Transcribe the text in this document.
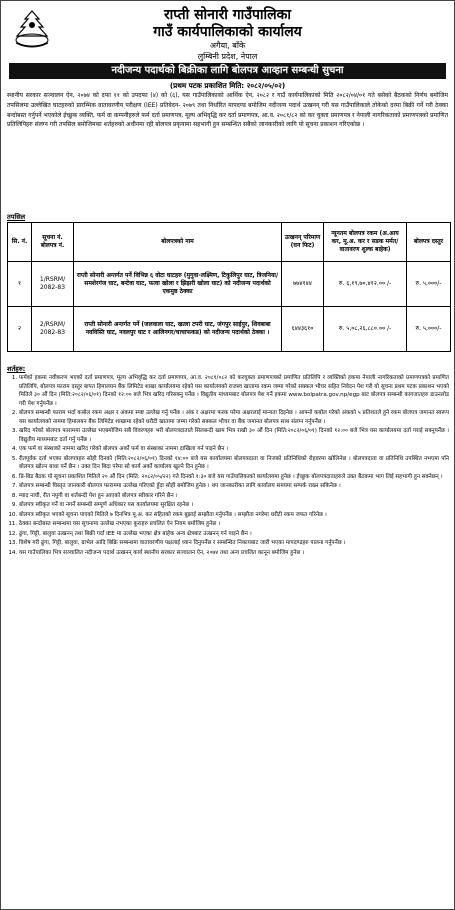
राप्ती सोनारी गाउँपालिका
गाउँ कार्यपालिकाको कार्यालय
अगैया, बाँके
लुम्बिनी प्रदेश, नेपाल
नदीजन्य पदार्थको बिक्रीका लागि बोलपत्र आव्हान सम्बन्धी सुचना
(प्रथम पटक प्रकाशित मिति: २०८२/०५/०२)

स्थानीय सरकार सञ्चालन ऐन, २०७४ को दफा ११ को उपदफा (४) को (६), यस गाउँपालिकाको आर्थिक ऐन, २०८२ र गाउँ कार्यपालिकाको मिति २०८२/०४/०१ गते बसेको बैठकको निर्णय बमोजिम तपसिलमा उल्लेखित घाटहरुको प्रारम्भिक वातावरणीय परीक्षण (IEE) प्रतिवेदन- २०७९ तथा निर्धारित मापदण्ड बमोजिम नदीजन्य पदार्थ उत्खनन् गरी यस गाउँपालिकाले तोकेको दरमा बिक्री गर्ने गरी ठेक्का बन्दोबस्त गर्नुपर्ने भएकोले ईच्छुक व्यक्ति, फर्म वा कम्पनीहरुले फर्म दर्ता प्रमाणपत्र, मूल्य अभिवृद्धि कर दर्ता प्रमाणपत्र, आ.व. २०८१/८२ को कर चुक्ता प्रमाणपत्र र नेपाली नागरिकताको प्रमाणपत्रको प्रमाणित प्रतिलिपिहरु संलग्न गरी तपसिल बमोजिमका शर्तहरुको अधीनमा रही बोलपत्र प्रकृयामा सहभागी हुन सम्बन्धित सबैको जानकारीको लागि यो सूचना प्रकाशन गरिएकोछ ।

तपसिल
सि. नं.	सूचना नं. बोलपत्र नं.	बोलपत्रको नाम	उत्खनन् परिमाण (घन फिट)	न्यूनतम बोलपत्र रकम (अ.आय कर, मू.अ. कर र सडक मर्मत/वातावरण शुल्क बाहेक)	बोलपत्र दस्तुर
१	1/RSRM/ 2082-83	राप्ती सोनारी अन्तर्गत पर्ने विभिन्न ६ वोटा घाटहरु (मुगुवा-लक्ष्मिण, टिकुलिपुर घाट, त्रिजनिया/समशेरगंज घाट, बन्टेवा घाट, फत्वा खोला र झिझरी खोला घाट) को नदीजन्य पदार्थको एकमुष्ठ ठेक्का	७७४१४४	रु. ६,१९,७०,४१२.०० /-	रु. ५,०००/-
२	2/RSRM/ 2082-83	राप्ती सोनारी अन्तर्गत पर्ने (जलवाला घाट, खत्ला टपरी घाट, जंगपुर साईपुर, शिवबाबा नवविस्ति घाट, नवलपुर घाट र आलिनगर/चाचाफकड) को नदीजन्य पदार्थको ठेक्का ।	६४४३६१०	रु. ५,०८,२६,८८०.०० /-	रु. ५,०००/-
शर्तहरु:
1. फर्मको हकमा नवीकरण भएको दर्ता प्रमाणपत्र, मूल्य अभिवृद्धि कर दर्ता प्रमाणपत्र, आ.व. २०८१/०८२ को करचुक्ता प्रमाणपत्रको प्रमाणित प्रतिलिपि र व्यक्तिको हकमा नेपाली नागरिकताको प्रमाणपत्रको प्रमाणित प्रतिलिपि, बोलपत्र फाराम दस्तुर बापत हिमालयन बैंक लिमिटेड शाखा कार्यालयमा रहेको यस कार्यालयको राजस्व खातामा रकम जम्मा गरेको सक्कल भौचर सहित निवेदन पेश गरी यो सूचना प्रथम पटक प्रकाशन भएको मितिले ३० औं दिन (मिति:२०८२/०६/०१) दिनको १२:०० बजे भित्र खरिद गरिसक्नु पर्नेछ । विद्युतीय माध्यमबाट बोलपत्र पेश गर्ने हकमा www.bolpatra.gov.np/egp बाट बोलपत्र सम्बन्धी कागजातहरु डाउनलोड गरी पेश गर्नुपर्नेछ ।
2. बोलपत्र सम्बन्धी फाराम भर्दा कबोल रकम अक्षर र अंकमा स्पष्ट उल्लेख गर्नु पर्नेछ । अंक र अक्षरमा फरक परेमा अक्षरलाई मान्यता दिइनेछ । आफ्नो कबोल गरेको अंकको ५ प्रतिशतले हुने रकम बोलपत्र जमानत स्वरूप यस कार्यालयको नाममा हिमालयन बैंक लिमिटेड शाखामा रहेको धरौटी खातामा जम्मा गरेको सक्कल भौचर वा बैंक जमानत बोलपत्र साथ संलग्न गर्नुपर्नेछ ।
3. खरिद गरेको बोलपत्र फाराममा उल्लेख भएबमोजिम सबै विवरणहरु भरी बोलपत्रदाताले सिलबन्दी खाम भित्र राखी ३० औं दिन (मिति:२०८२/०६/०१) दिनको १२:०० बजे भित्र यस कार्यालयमा दर्ता गराई सक्नुपर्नेछ । विद्युतीय माध्यमबाट दर्ता गर्नु पर्नेछ ।
4. एक फर्म वा संस्थाको नाममा खरिद गरेको बोलपत्र अर्को फर्म वा संस्थाका नाममा दाखिला गर्न पाइने छैन ।
5. रीतपूर्वक दर्ता भएका बोलपत्रहरु सोही दिनको (मिति:२०८२/०६/०१) दिनको १४:०० बजे यस कार्यालयमा बोलपत्रदाता वा निजको प्रतिनिधिको रोहवरमा खोलिनेछ । बोलपत्रदाता वा प्रतिनिधि उपस्थित नभएमा पनि बोलपत्र खोल्न बाधा पर्ने छैन । उक्त दिन बिदा परेमा सो कार्य अर्को कार्यालय खुल्ने दिन हुनेछ ।
6. प्रि-बिड बैठक यो सूचना प्रकाशित मितिले २० औं दिन (मिति: २०८२/०५/२२) गते दिनको १:३० बजे यस गाउँपालिकाको कार्यालयमा हुनेछ । ईच्छुक बोलपत्रदाताहरुले उक्त बैठकमा भाग लिई सहभागी हुन सक्नेछन् ।
7. बोलपत्र सम्बन्धी विस्तृत जानकारी बोलपत्र फाराममा उल्लेख गरिएको हुँदा सोही बमोजिम हुनेछ । थप जानकारीका लागि कार्यालय समयमा सम्पर्क राख्न सकिनेछ ।
8. म्याद नाघी, रीत नपुगी वा शर्तबन्दी पेश हुन आएको बोलपत्र स्वीकार गरिने छैन ।
9. बोलपत्र स्वीकृत गर्ने वा नगर्ने सम्बन्धी सम्पूर्ण अधिकार यस कार्यालयमा सुरक्षित रहनेछ ।
10. बोलपत्र स्वीकृत भएको सूचना पाएको मितिले ७ दिनभित्र मू.अ. कर सहितको रकम बुझाई सम्झौता गर्नुपर्नेछ । सम्झौता नगरेमा धरौटी रकम जफत गरिनेछ ।
11. ठेक्का बन्दोबस्त सम्बन्धमा यस सूचनामा उल्लेख नभएका कुराहरु प्रचलित ऐन नियम बमोजिम हुनेछ ।
12. ढुंगा, गिट्टी, बालुवा उत्खनन् तथा बिक्री गर्दा IEE मा उल्लेख भएका क्षेत्र बाहेक अन्य क्षेत्रबाट उत्खनन् गर्न पाइने छैन ।
13. विशेष गरी ढुंगा, गिट्टी, बालुवा, ग्राभेल आदि बिक्रि सम्बन्धमा वातावरणीय पक्षलाई ध्यान दिनुपर्नेछ र सम्बन्धित निकायबाट जारी भएका मापदण्डहरु पालना गर्नुपर्नेछ ।
14. यस गाउँपालिका भित्र सञ्चालित नदीजन्य पदार्थ उत्खनन् कार्य स्थानीय सरकार सञ्चालन ऐन, २०७४ तथा अन्य प्रचलित कानून बमोजिम हुनेछ ।
